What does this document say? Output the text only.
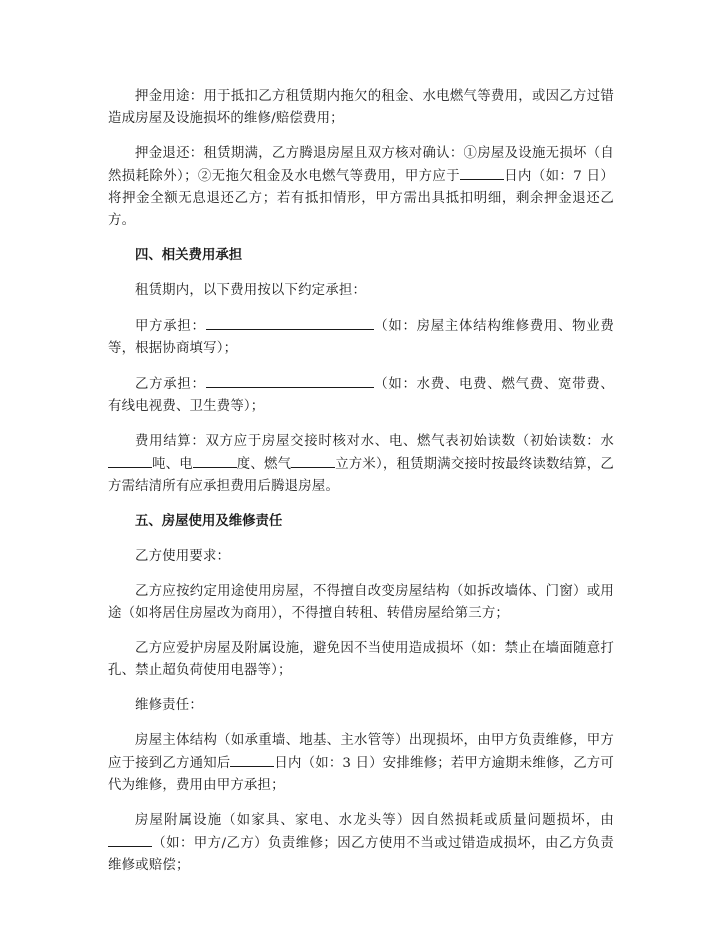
押金用途：用于抵扣乙方租赁期内拖欠的租金、水电燃气等费用，或因乙方过错造成房屋及设施损坏的维修/赔偿费用；

押金退还：租赁期满，乙方腾退房屋且双方核对确认：①房屋及设施无损坏（自然损耗除外）；②无拖欠租金及水电燃气等费用，甲方应于	日内（如：7 日）将押金全额无息退还乙方；若有抵扣情形，甲方需出具抵扣明细，剩余押金退还乙方。

四、相关费用承担

租赁期内，以下费用按以下约定承担：

甲方承担：	（如：房屋主体结构维修费用、物业费等，根据协商填写）；

乙方承担：	（如：水费、电费、燃气费、宽带费、有线电视费、卫生费等）；

费用结算：双方应于房屋交接时核对水、电、燃气表初始读数（初始读数：水吨、电	度、燃气	立方米），租赁期满交接时按最终读数结算，乙方需结清所有应承担费用后腾退房屋。

五、房屋使用及维修责任

乙方使用要求：

乙方应按约定用途使用房屋，不得擅自改变房屋结构（如拆改墙体、门窗）或用途（如将居住房屋改为商用），不得擅自转租、转借房屋给第三方；

乙方应爱护房屋及附属设施，避免因不当使用造成损坏（如：禁止在墙面随意打孔、禁止超负荷使用电器等）；

维修责任：

房屋主体结构（如承重墙、地基、主水管等）出现损坏，由甲方负责维修，甲方应于接到乙方通知后	日内（如：3 日）安排维修；若甲方逾期未维修，乙方可代为维修，费用由甲方承担；

房屋附属设施（如家具、家电、水龙头等）因自然损耗或质量问题损坏，由（如：甲方/乙方）负责维修；因乙方使用不当或过错造成损坏，由乙方负责维修或赔偿；
